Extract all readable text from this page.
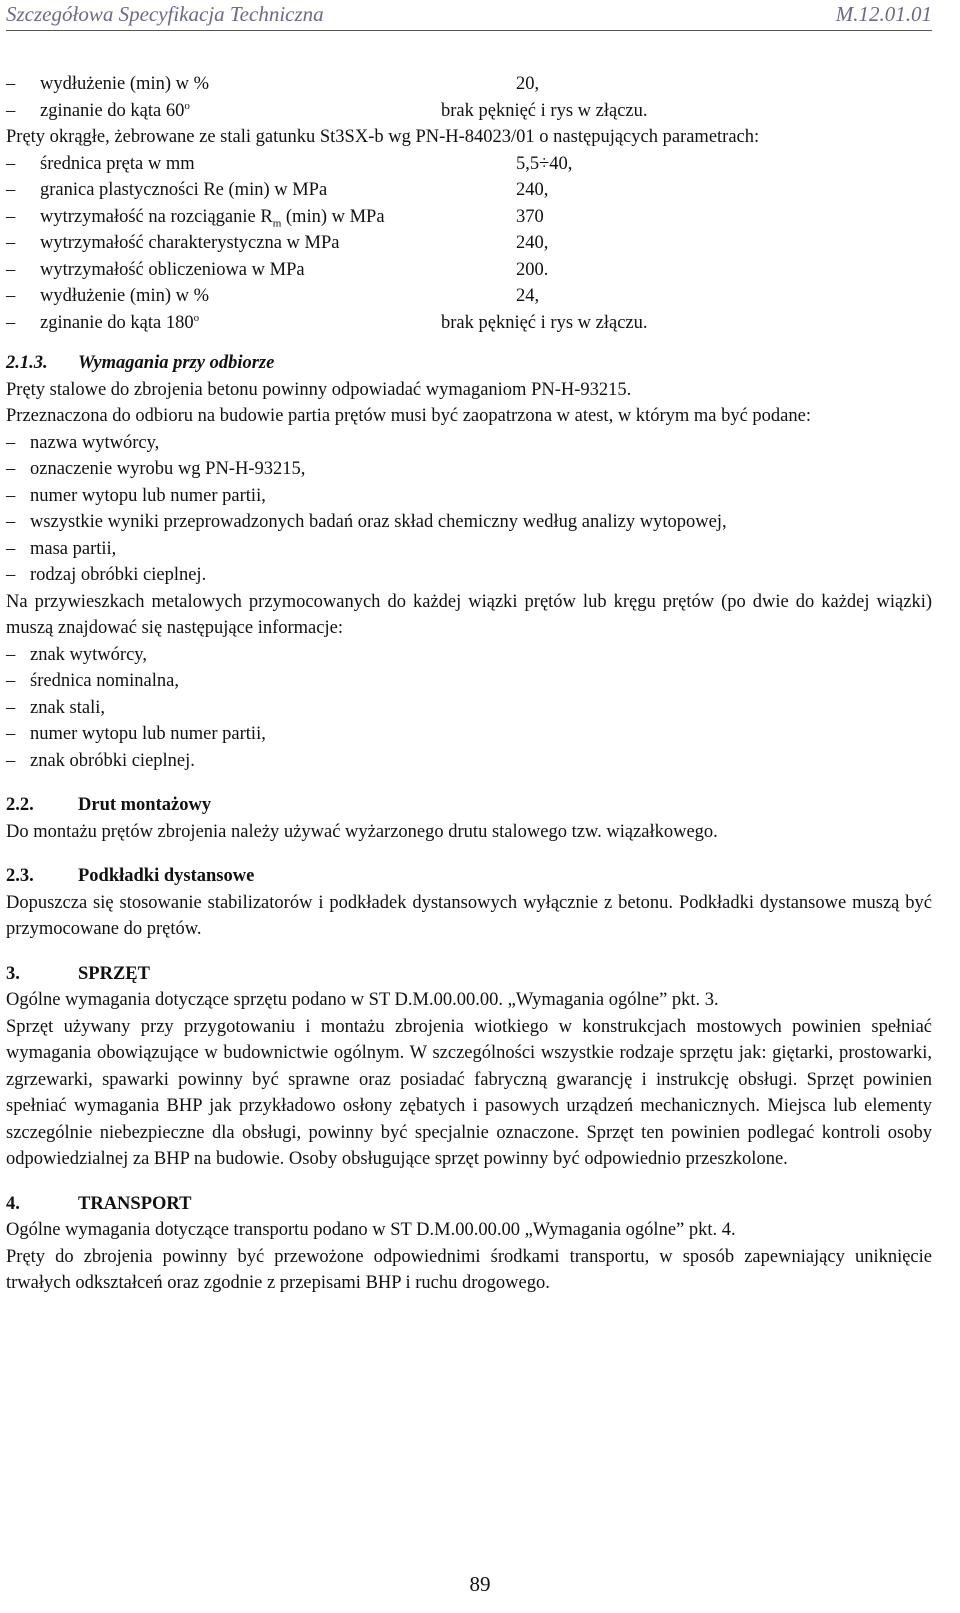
Szczegółowa Specyfikacja Techniczna	M.12.01.01
– wydłużenie (min) w %	20,
– zginanie do kąta 60$^o$	brak pęknięć i rys w złączu.
Pręty okrągłe, żebrowane ze stali gatunku St3SX-b wg PN-H-84023/01 o następujących parametrach:
– średnica pręta w mm	5,5÷40,
– granica plastyczności Re (min) w MPa	240,
– wytrzymałość na rozciąganie $R_m$ (min) w MPa	370
– wytrzymałość charakterystyczna w MPa	240,
– wytrzymałość obliczeniowa w MPa	200.
– wydłużenie (min) w %	24,
– zginanie do kąta 180$^o$	brak pęknięć i rys w złączu.
2.1.3. Wymagania przy odbiorze
Pręty stalowe do zbrojenia betonu powinny odpowiadać wymaganiom PN-H-93215.
Przeznaczona do odbioru na budowie partia prętów musi być zaopatrzona w atest, w którym ma być podane:
– nazwa wytwórcy,
– oznaczenie wyrobu wg PN-H-93215,
– numer wytopu lub numer partii,
– wszystkie wyniki przeprowadzonych badań oraz skład chemiczny według analizy wytopowej,
– masa partii,
– rodzaj obróbki cieplnej.
Na przywieszkach metalowych przymocowanych do każdej wiązki prętów lub kręgu prętów (po dwie do każdej wiązki) muszą znajdować się następujące informacje:
– znak wytwórcy,
– średnica nominalna,
– znak stali,
– numer wytopu lub numer partii,
– znak obróbki cieplnej.
2.2. Drut montażowy
Do montażu prętów zbrojenia należy używać wyżarzonego drutu stalowego tzw. wiązałkowego.
2.3. Podkładki dystansowe
Dopuszcza się stosowanie stabilizatorów i podkładek dystansowych wyłącznie z betonu. Podkładki dystansowe muszą być przymocowane do prętów.
3.	SPRZĘT
Ogólne wymagania dotyczące sprzętu podano w ST D.M.00.00.00. „Wymagania ogólne” pkt. 3.
Sprzęt używany przy przygotowaniu i montażu zbrojenia wiotkiego w konstrukcjach mostowych powinien spełniać wymagania obowiązujące w budownictwie ogólnym. W szczególności wszystkie rodzaje sprzętu jak: giętarki, prostowarki, zgrzewarki, spawarki powinny być sprawne oraz posiadać fabryczną gwarancję i instrukcję obsługi. Sprzęt powinien spełniać wymagania BHP jak przykładowo osłony zębatych i pasowych urządzeń mechanicznych. Miejsca lub elementy szczególnie niebezpieczne dla obsługi, powinny być specjalnie oznaczone. Sprzęt ten powinien podlegać kontroli osoby odpowiedzialnej za BHP na budowie. Osoby obsługujące sprzęt powinny być odpowiednio przeszkolone.
4.	TRANSPORT
Ogólne wymagania dotyczące transportu podano w ST D.M.00.00.00 „Wymagania ogólne” pkt. 4.
Pręty do zbrojenia powinny być przewożone odpowiednimi środkami transportu, w sposób zapewniający uniknięcie trwałych odkształceń oraz zgodnie z przepisami BHP i ruchu drogowego.
89
